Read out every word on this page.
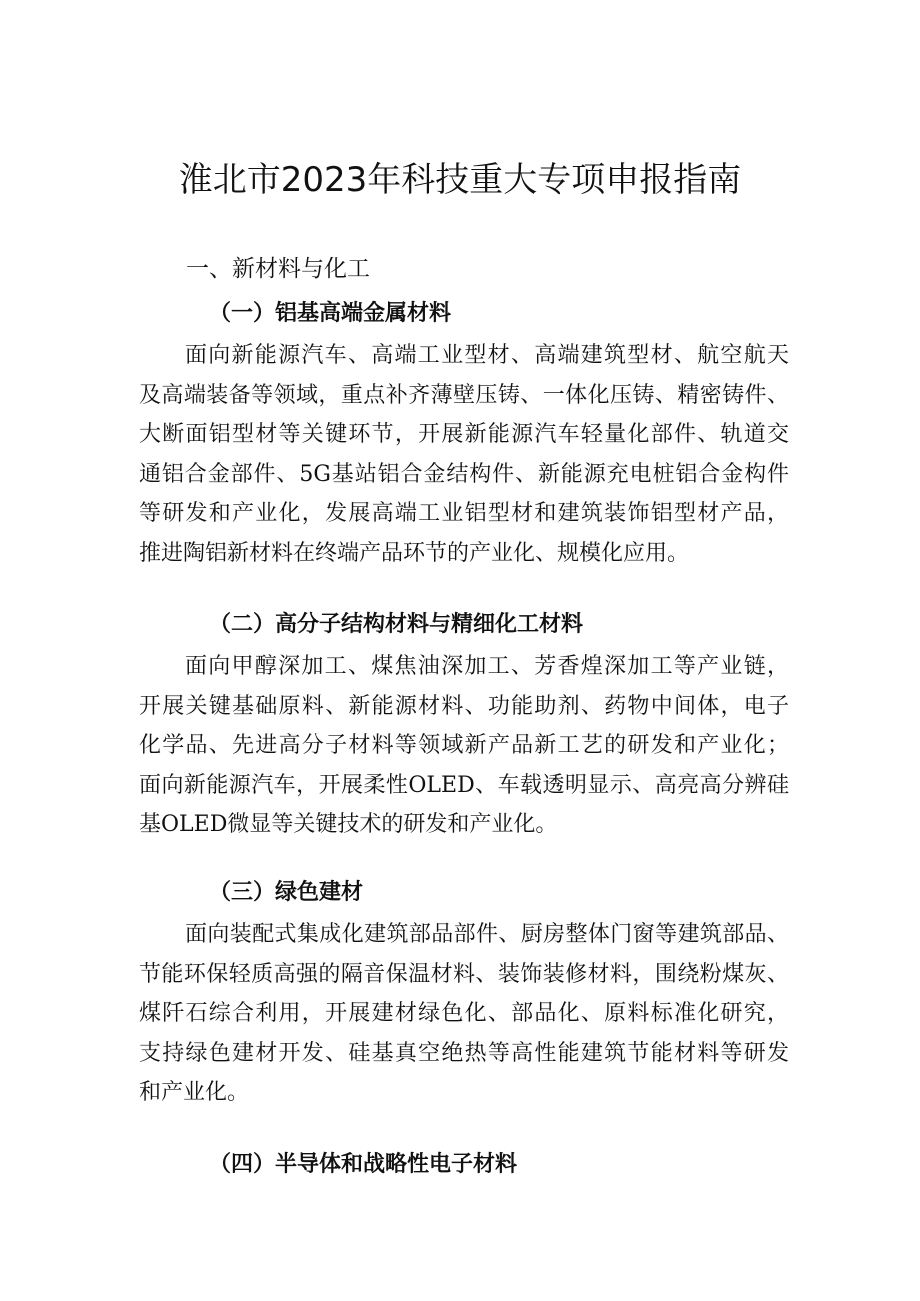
淮北市2023年科技重大专项申报指南
一、新材料与化工
（一）铝基高端金属材料
面向新能源汽车、高端工业型材、高端建筑型材、航空航天
及高端装备等领域，重点补齐薄壁压铸、一体化压铸、精密铸件、
大断面铝型材等关键环节，开展新能源汽车轻量化部件、轨道交
通铝合金部件、5G基站铝合金结构件、新能源充电桩铝合金构件
等研发和产业化，发展高端工业铝型材和建筑装饰铝型材产品，
推进陶铝新材料在终端产品环节的产业化、规模化应用。
（二）高分子结构材料与精细化工材料
面向甲醇深加工、煤焦油深加工、芳香煌深加工等产业链，
开展关键基础原料、新能源材料、功能助剂、药物中间体，电子
化学品、先进高分子材料等领域新产品新工艺的研发和产业化；
面向新能源汽车，开展柔性OLED、车载透明显示、高亮高分辨硅
基OLED微显等关键技术的研发和产业化。
（三）绿色建材
面向装配式集成化建筑部品部件、厨房整体门窗等建筑部品、
节能环保轻质高强的隔音保温材料、装饰装修材料，围绕粉煤灰、
煤阡石综合利用，开展建材绿色化、部品化、原料标准化研究，
支持绿色建材开发、硅基真空绝热等高性能建筑节能材料等研发
和产业化。
（四）半导体和战略性电子材料
